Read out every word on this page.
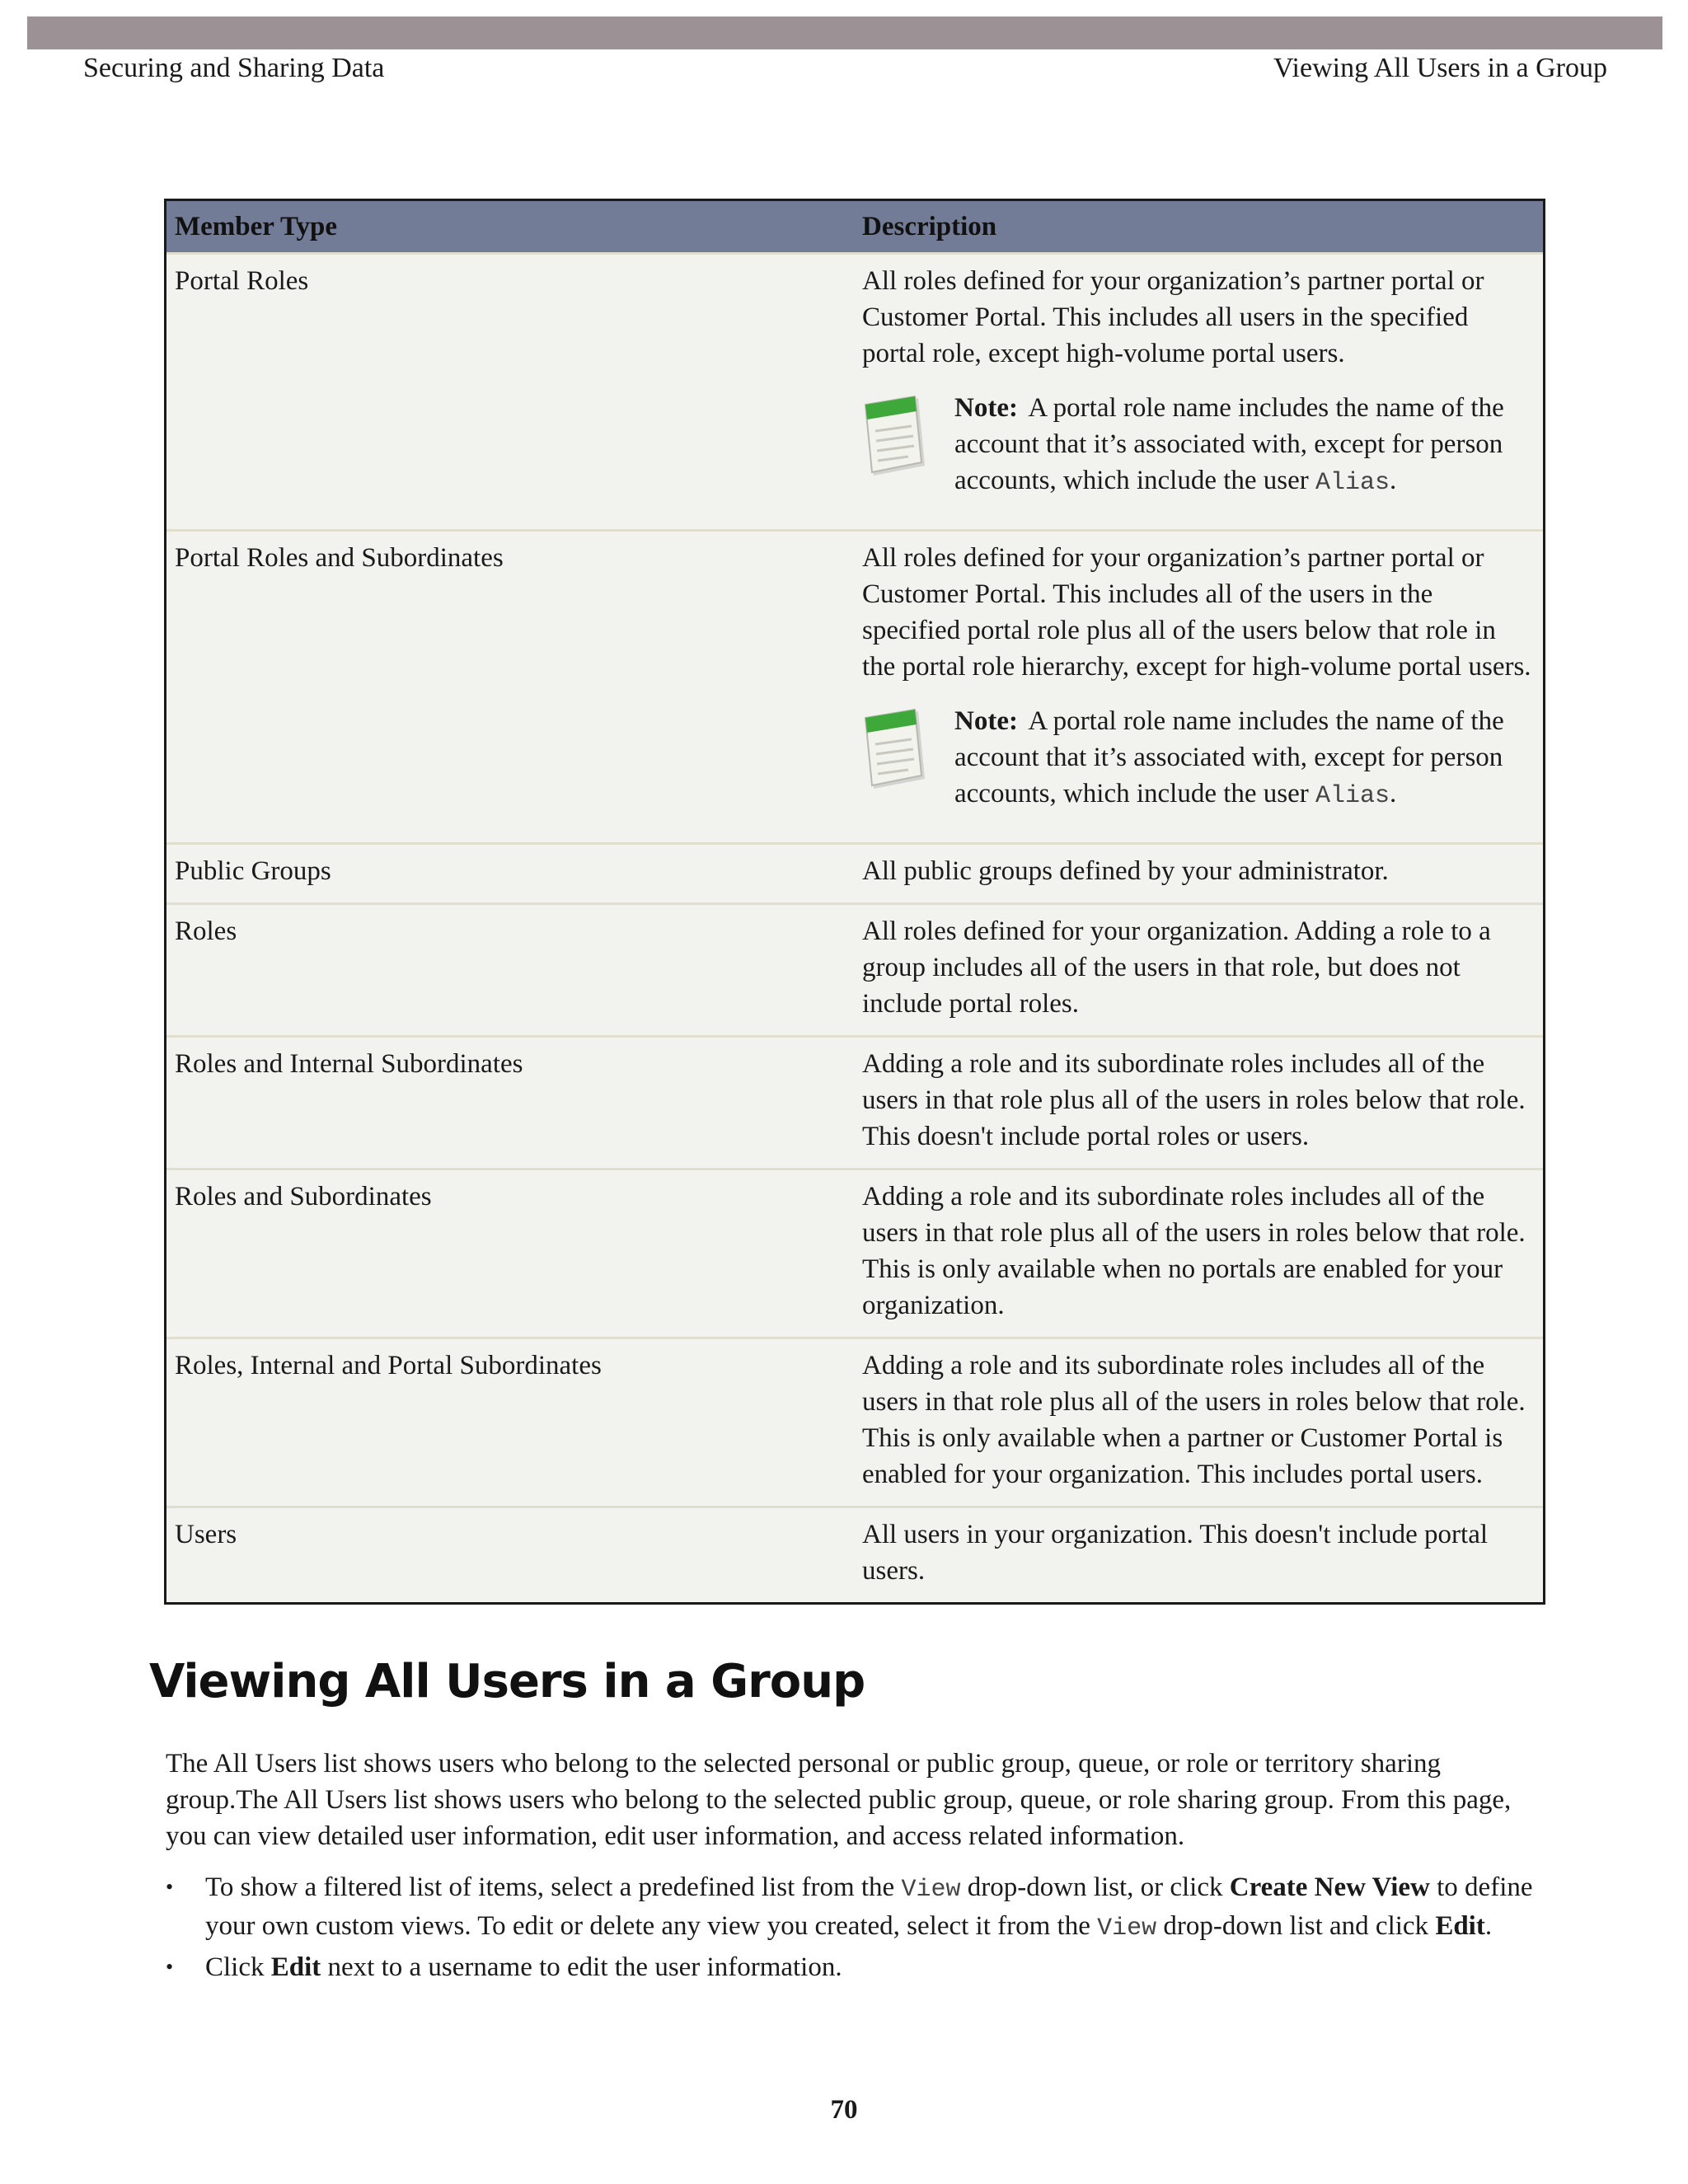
Securing and Sharing Data	Viewing All Users in a Group
Member Type	Description
Portal Roles	All roles defined for your organization’s partner portal or Customer Portal. This includes all users in the specified portal role, except high-volume portal users.
Note: A portal role name includes the name of the account that it’s associated with, except for person accounts, which include the user Alias.

Portal Roles and Subordinates	All roles defined for your organization’s partner portal or Customer Portal. This includes all of the users in the specified portal role plus all of the users below that role in the portal role hierarchy, except for high-volume portal users.
Note: A portal role name includes the name of the account that it’s associated with, except for person accounts, which include the user Alias.

Public Groups	All public groups defined by your administrator.
Roles	All roles defined for your organization. Adding a role to a group includes all of the users in that role, but does not include portal roles.
Roles and Internal Subordinates	Adding a role and its subordinate roles includes all of the users in that role plus all of the users in roles below that role. This doesn't include portal roles or users.
Roles and Subordinates	Adding a role and its subordinate roles includes all of the users in that role plus all of the users in roles below that role. This is only available when no portals are enabled for your organization.
Roles, Internal and Portal Subordinates	Adding a role and its subordinate roles includes all of the users in that role plus all of the users in roles below that role. This is only available when a partner or Customer Portal is enabled for your organization. This includes portal users.
Users	All users in your organization. This doesn't include portal users.
Viewing All Users in a Group

The All Users list shows users who belong to the selected personal or public group, queue, or role or territory sharing group.The All Users list shows users who belong to the selected public group, queue, or role sharing group. From this page, you can view detailed user information, edit user information, and access related information.

• To show a filtered list of items, select a predefined list from the View drop-down list, or click Create New View to define your own custom views. To edit or delete any view you created, select it from the View drop-down list and click Edit.
• Click Edit next to a username to edit the user information.
70
